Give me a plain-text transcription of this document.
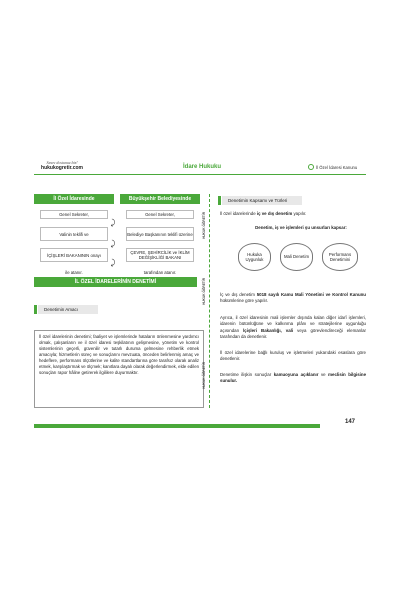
Sınav dostunuz biz!
hukukogretir.com	İdare Hukuku	İl Özel İdaresi Kanunu
İl Özel İdaresinde	Büyükşehir Belediyesinde
Genel Sekreter,	Genel Sekreter,
Valinin teklifi ve	Belediye Başkanının teklifi üzerine
İÇİŞLERİ BAKANININ onayı	ÇEVRE, ŞEHİRCİLİK ve İKLİM DEĞİŞİKLİĞİ BAKANI
ile atanır.	tarafından atanır.
⤸
⤸
⤸
İL ÖZEL İDARELERİNİN DENETİMİ
Denetimin Amacı
İl özel idarelerinin denetimi; faaliyet ve işlemlerinde hataların önlenmesine yardımcı olmak, çalışanların ve il özel idaresi teşkilatının gelişmesine, yönetim ve kontrol sistemlerinin geçerli, güvenilir ve tutarlı duruma gelmesine rehberlik etmek amacıyla; hizmetlerin süreç ve sonuçlarını mevzuata, önceden belirlenmiş amaç ve hedeflere, performans ölçütlerine ve kalite standartlarına göre tarafsız olarak analiz etmek, karşılaştırmak ve ölçmek; kanıtlara dayalı olarak değerlendirmek, elde edilen sonuçları rapor hâline getirerek ilgililere duyurmaktır.
HUKUK ÖĞRETİR
HUKUK ÖĞRETİR
HUKUK ÖĞRETİR
Denetimin Kapsamı ve Türleri
İl özel idarelerinde iç ve dış denetim yapılır.
Denetim, iş ve işlemleri şu unsurları kapsar:
Hukuka Uygunluk
Mali Denetim
Performans Denetimini
İç ve dış denetim 5018 sayılı Kamu Mali Yönetimi ve Kontrol Kanunu hükümlerine göre yapılır.
Ayrıca, il özel idaresinin mali işlemler dışında kalan diğer idarî işlemleri, idarenin bütünlüğüne ve kalkınma plânı ve stratejilerine uygunluğu açısından İçişleri Bakanlığı, vali veya görevlendireceği elemanlar tarafından da denetlenir.
İl özel idarelerine bağlı kuruluş ve işletmeleri yukarıdaki esaslara göre denetlenir.
Denetime ilişkin sonuçlar kamuoyuna açıklanır ve meclisin bilgisine sunulur.
147
